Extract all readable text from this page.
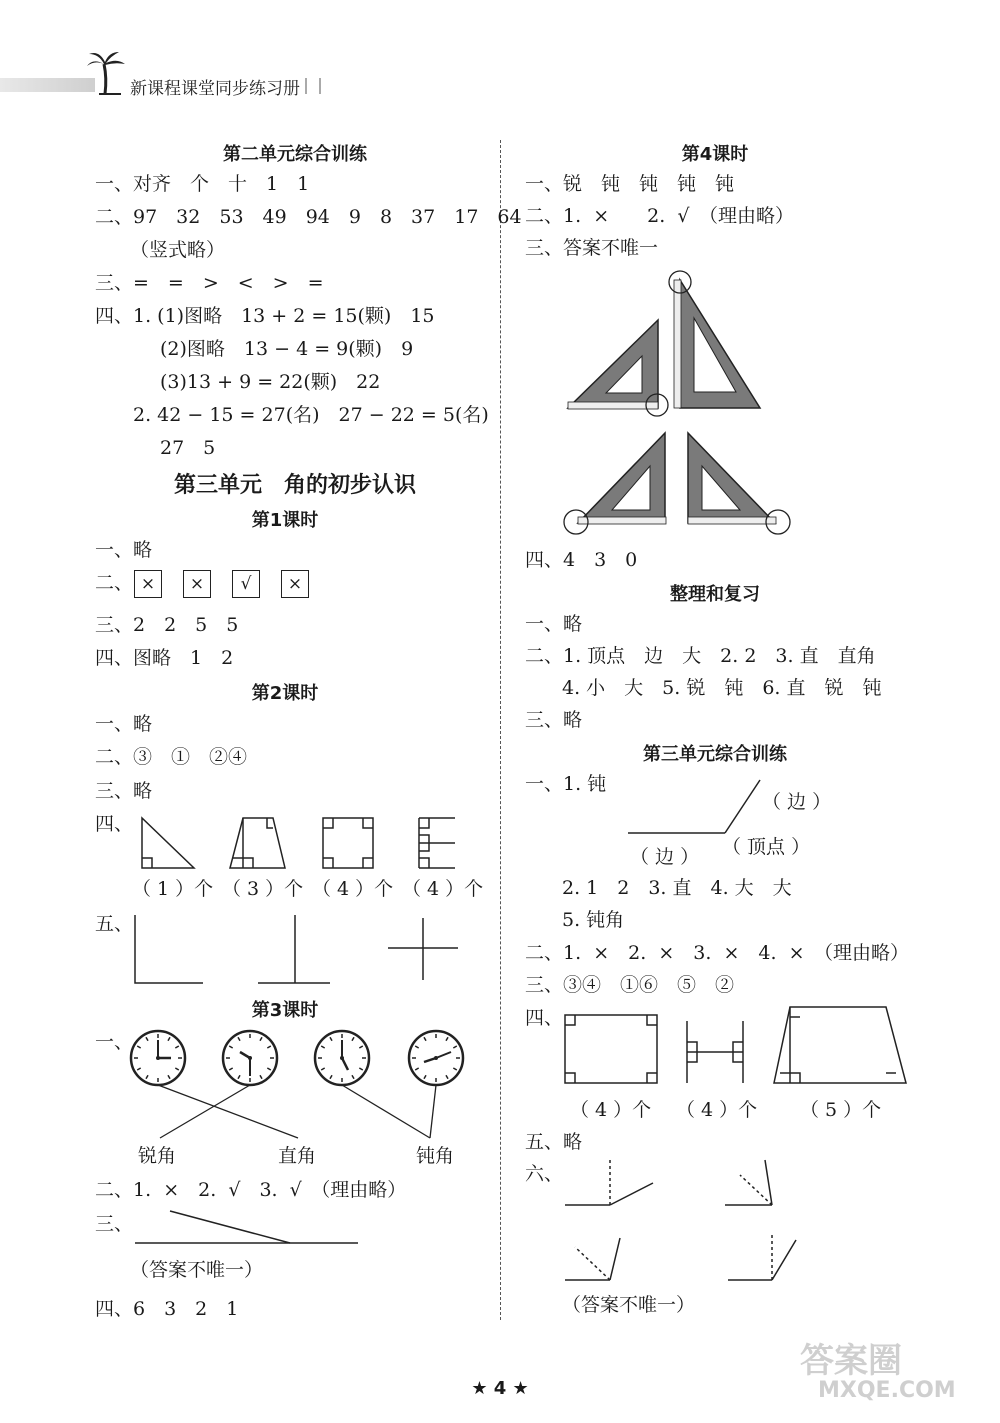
新课程课堂同步练习册
第二单元综合训练
一、对齐　个　十　1　1
二、97　32　53　49　94　9　8　37　17　64
（竖式略）
三、=　=　>　<　>　=
四、1. (1)图略　13 + 2 = 15(颗)　15
(2)图略　13 − 4 = 9(颗)　9
(3)13 + 9 = 22(颗)　22
2. 42 − 15 = 27(名)　27 − 22 = 5(名)
27　5
第三单元　角的初步认识
第1课时
一、略
二、 ×	×	√	×
三、2　2　5　5
四、图略　1　2
第2课时
一、略
二、③　①　②④
三、略
四、
（ 1 ）个 （ 3 ）个 （ 4 ）个 （ 4 ）个
五、
第3课时
一、
锐角	直角	钝角
二、1.  ×　2.  √　3.  √　（理由略）
三、
（答案不唯一）
四、6　3　2　1
第4课时
一、锐　钝　钝　钝　钝
二、1.  ×　　2.  √　（理由略）
三、答案不唯一
四、4　3　0
整理和复习
一、略
二、1. 顶点　边　大　2. 2　3. 直　直角
4. 小　大　5. 锐　钝　6. 直　锐　钝
三、略
第三单元综合训练
一、1. 钝
（ 边 ）
（ 边 ） （ 顶点 ）
2. 1　2　3. 直　4. 大　大
5. 钝角
二、1.  ×　2.  ×　3.  ×　4.  ×　（理由略）
三、③④　①⑥　⑤　②
四、
（ 4 ）个 （ 4 ）个 （ 5 ）个
五、略
六、
（答案不唯一）
★ 4 ★
答案圈
MXQE.COM
